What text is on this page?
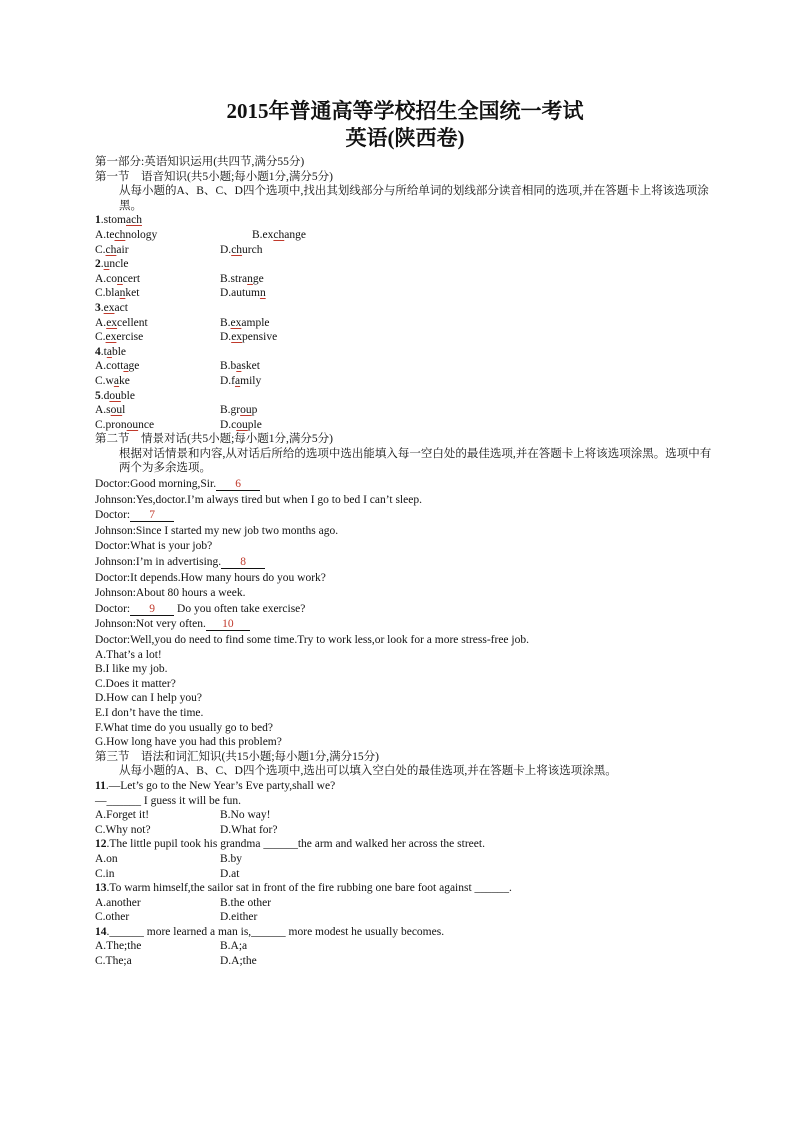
2015年普通高等学校招生全国统一考试
英语(陕西卷)
第一部分:英语知识运用(共四节,满分55分)
第一节　语音知识(共5小题;每小题1分,满分5分)
从每小题的A、B、C、D四个选项中,找出其划线部分与所给单词的划线部分读音相同的选项,并在答题卡上将该选项涂黑。
1.stomach
A.technology	B.exchange
C.chair	D.church
2.uncle
A.concert	B.strange
C.blanket	D.autumn
3.exact
A.excellent	B.example
C.exercise	D.expensive
4.table
A.cottage	B.basket
C.wake	D.family
5.double
A.soul	B.group
C.pronounce	D.couple
第二节　情景对话(共5小题;每小题1分,满分5分)
根据对话情景和内容,从对话后所给的选项中选出能填入每一空白处的最佳选项,并在答题卡上将该选项涂黑。选项中有两个为多余选项。
Doctor:Good morning,Sir. 6
Johnson:Yes,doctor.I’m always tired but when I go to bed I can’t sleep.
Doctor: 7
Johnson:Since I started my new job two months ago.
Doctor:What is your job?
Johnson:I’m in advertising. 8
Doctor:It depends.How many hours do you work?
Johnson:About 80 hours a week.
Doctor: 9 Do you often take exercise?
Johnson:Not very often. 10
Doctor:Well,you do need to find some time.Try to work less,or look for a more stress-free job.
A.That’s a lot!
B.I like my job.
C.Does it matter?
D.How can I help you?
E.I don’t have the time.
F.What time do you usually go to bed?
G.How long have you had this problem?
第三节　语法和词汇知识(共15小题;每小题1分,满分15分)
从每小题的A、B、C、D四个选项中,选出可以填入空白处的最佳选项,并在答题卡上将该选项涂黑。
11.—Let’s go to the New Year’s Eve party,shall we?
—______ I guess it will be fun.
A.Forget it!	B.No way!
C.Why not?	D.What for?
12.The little pupil took his grandma ______the arm and walked her across the street.
A.on	B.by
C.in	D.at
13.To warm himself,the sailor sat in front of the fire rubbing one bare foot against ______.
A.another	B.the other
C.other	D.either
14.______ more learned a man is,______ more modest he usually becomes.
A.The;the	B.A;a
C.The;a	D.A;the
